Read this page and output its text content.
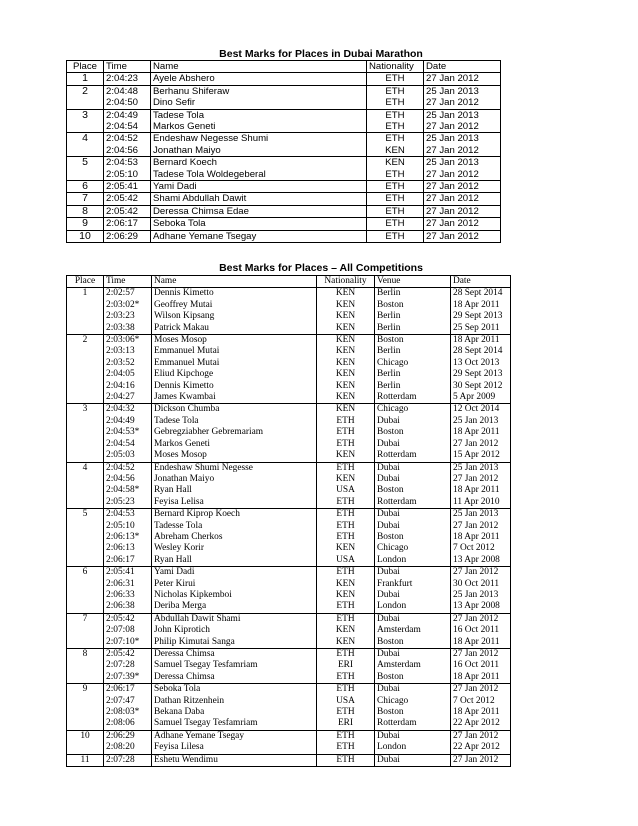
Best Marks for Places in Dubai Marathon
Place	Time	Name	Nationality	Date
1	2:04:23	Ayele Abshero	ETH	27 Jan 2012
2	2:04:48	Berhanu Shiferaw	ETH	25 Jan 2013
	2:04:50	Dino Sefir	ETH	27 Jan 2012
3	2:04:49	Tadese Tola	ETH	25 Jan 2013
	2:04:54	Markos Geneti	ETH	27 Jan 2012
4	2:04:52	Endeshaw Negesse Shumi	ETH	25 Jan 2013
	2:04:56	Jonathan Maiyo	KEN	27 Jan 2012
5	2:04:53	Bernard Koech	KEN	25 Jan 2013
	2:05:10	Tadese Tola Woldegeberal	ETH	27 Jan 2012
6	2:05:41	Yami Dadi	ETH	27 Jan 2012
7	2:05:42	Shami Abdullah Dawit	ETH	27 Jan 2012
8	2:05:42	Deressa Chimsa Edae	ETH	27 Jan 2012
9	2:06:17	Seboka Tola	ETH	27 Jan 2012
10	2:06:29	Adhane Yemane Tsegay	ETH	27 Jan 2012
Best Marks for Places – All Competitions
Place	Time	Name	Nationality	Venue	Date
1	2:02:57	Dennis Kimetto	KEN	Berlin	28 Sept 2014
	2:03:02*	Geoffrey Mutai	KEN	Boston	18 Apr 2011
	2:03:23	Wilson Kipsang	KEN	Berlin	29 Sept 2013
	2:03:38	Patrick Makau	KEN	Berlin	25 Sep 2011
2	2:03:06*	Moses Mosop	KEN	Boston	18 Apr 2011
	2:03:13	Emmanuel Mutai	KEN	Berlin	28 Sept 2014
	2:03:52	Emmanuel Mutai	KEN	Chicago	13 Oct 2013
	2:04:05	Eliud Kipchoge	KEN	Berlin	29 Sept 2013
	2:04:16	Dennis Kimetto	KEN	Berlin	30 Sept 2012
	2:04:27	James Kwambai	KEN	Rotterdam	5 Apr 2009
3	2:04:32	Dickson Chumba	KEN	Chicago	12 Oct 2014
	2:04:49	Tadese Tola	ETH	Dubai	25 Jan 2013
	2:04:53*	Gebregziabher Gebremariam	ETH	Boston	18 Apr 2011
	2:04:54	Markos Geneti	ETH	Dubai	27 Jan 2012
	2:05:03	Moses Mosop	KEN	Rotterdam	15 Apr 2012
4	2:04:52	Endeshaw Shumi Negesse	ETH	Dubai	25 Jan 2013
	2:04:56	Jonathan Maiyo	KEN	Dubai	27 Jan 2012
	2:04:58*	Ryan Hall	USA	Boston	18 Apr 2011
	2:05:23	Feyisa Lelisa	ETH	Rotterdam	11 Apr 2010
5	2:04:53	Bernard Kiprop Koech	ETH	Dubai	25 Jan 2013
	2:05:10	Tadesse Tola	ETH	Dubai	27 Jan 2012
	2:06:13*	Abreham Cherkos	ETH	Boston	18 Apr 2011
	2:06:13	Wesley Korir	KEN	Chicago	7 Oct 2012
	2:06:17	Ryan Hall	USA	London	13 Apr 2008
6	2:05:41	Yami Dadi	ETH	Dubai	27 Jan 2012
	2:06:31	Peter Kirui	KEN	Frankfurt	30 Oct 2011
	2:06:33	Nicholas Kipkemboi	KEN	Dubai	25 Jan 2013
	2:06:38	Deriba Merga	ETH	London	13 Apr 2008
7	2:05:42	Abdullah Dawit Shami	ETH	Dubai	27 Jan 2012
	2:07:08	John Kiprotich	KEN	Amsterdam	16 Oct 2011
	2:07:10*	Philip Kimutai Sanga	KEN	Boston	18 Apr 2011
8	2:05:42	Deressa Chimsa	ETH	Dubai	27 Jan 2012
	2:07:28	Samuel Tsegay Tesfamriam	ERI	Amsterdam	16 Oct 2011
	2:07:39*	Deressa Chimsa	ETH	Boston	18 Apr 2011
9	2:06:17	Seboka Tola	ETH	Dubai	27 Jan 2012
	2:07:47	Dathan Ritzenhein	USA	Chicago	7 Oct 2012
	2:08:03*	Bekana Daba	ETH	Boston	18 Apr 2011
	2:08:06	Samuel Tsegay Tesfamriam	ERI	Rotterdam	22 Apr 2012
10	2:06:29	Adhane Yemane Tsegay	ETH	Dubai	27 Jan 2012
	2:08:20	Feyisa Lilesa	ETH	London	22 Apr 2012
11	2:07:28	Eshetu Wendimu	ETH	Dubai	27 Jan 2012
